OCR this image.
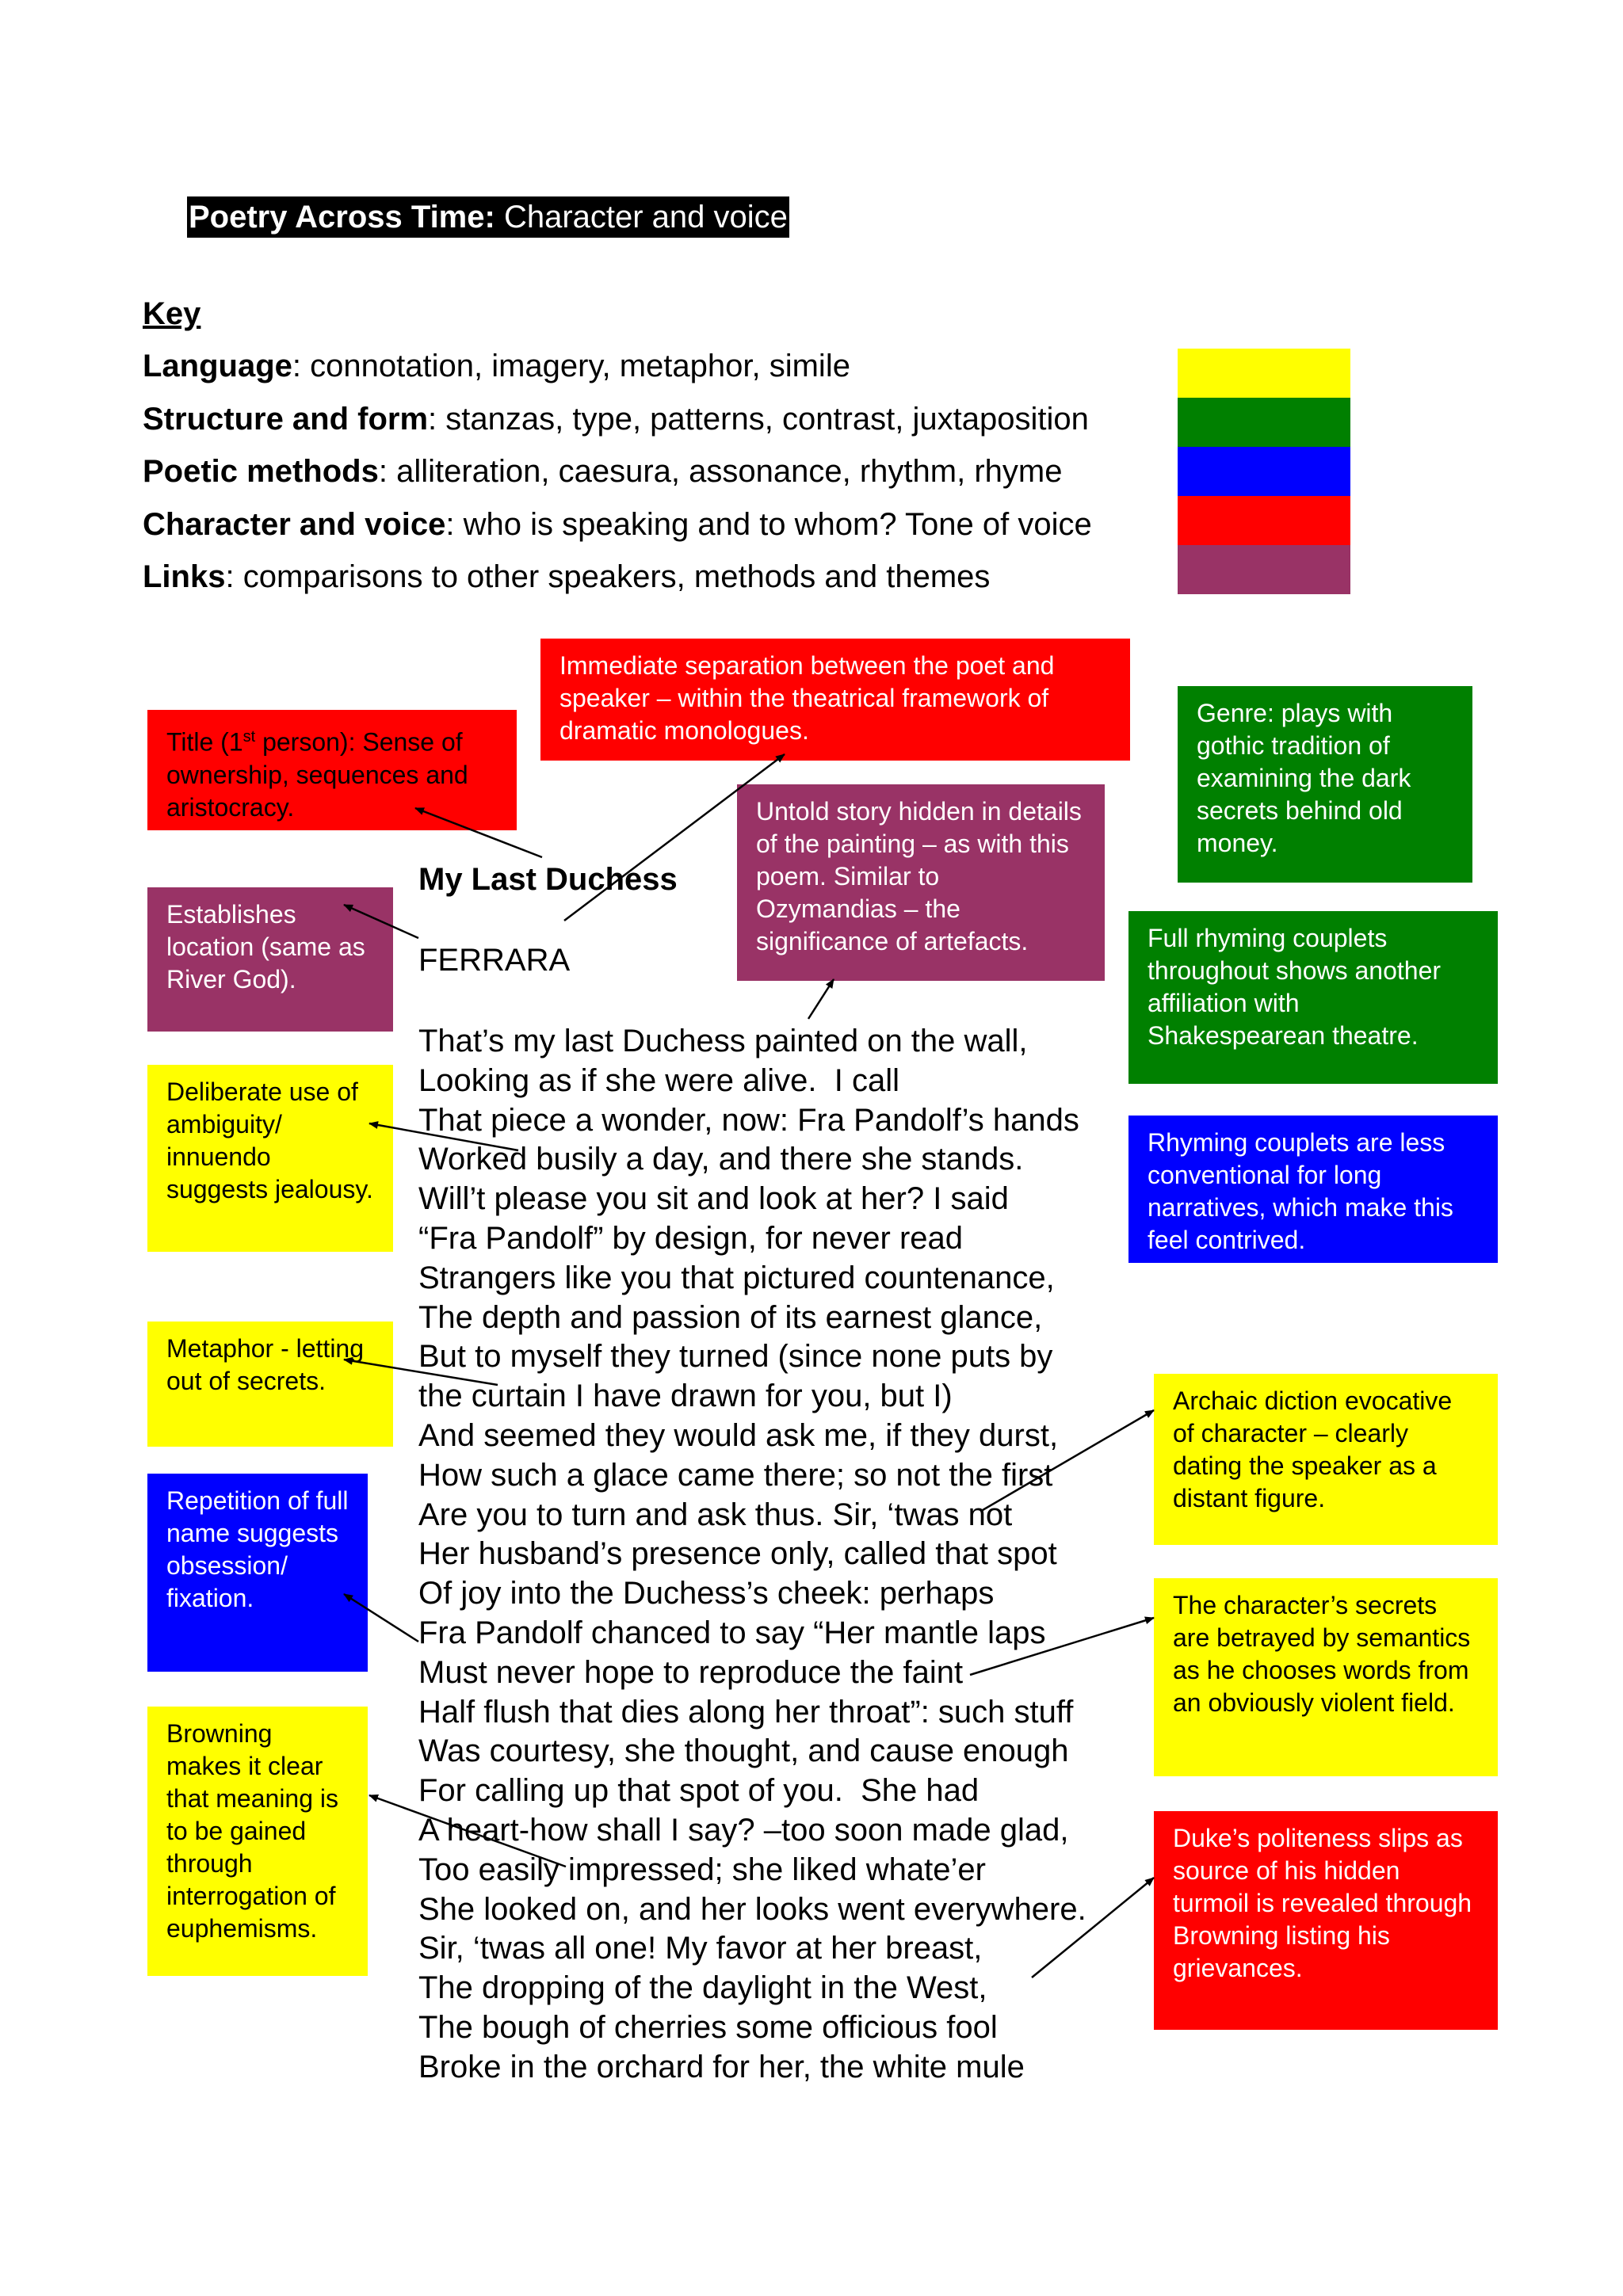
Poetry Across Time: Character and voice
Key
Language: connotation, imagery, metaphor, simile
Structure and form: stanzas, type, patterns, contrast, juxtaposition
Poetic methods: alliteration, caesura, assonance, rhythm, rhyme
Character and voice: who is speaking and to whom? Tone of voice
Links: comparisons to other speakers, methods and themes
Immediate separation between the poet and speaker – within the theatrical framework of dramatic monologues.
Title (1st person): Sense of ownership, sequences and aristocracy.	Untold story hidden in details of the painting – as with this poem. Similar to Ozymandias – the significance of artefacts.
Genre: plays with gothic tradition of examining the dark secrets behind old money.
Establishes location (same as River God).
Full rhyming couplets throughout shows another affiliation with Shakespearean theatre.
Deliberate use of ambiguity/ innuendo suggests jealousy.
Rhyming couplets are less conventional for long narratives, which make this feel contrived.
Metaphor - letting out of secrets.
Archaic diction evocative of character – clearly dating the speaker as a distant figure.
Repetition of full name suggests obsession/ fixation.	The character’s secrets are betrayed by semantics as he chooses words from an obviously violent field.
Browning makes it clear that meaning is to be gained through interrogation of euphemisms.
Duke’s politeness slips as source of his hidden turmoil is revealed through Browning listing his grievances.
My Last Duchess
FERRARA
That’s my last Duchess painted on the wall,
Looking as if she were alive.  I call
That piece a wonder, now: Fra Pandolf’s hands
Worked busily a day, and there she stands.
Will’t please you sit and look at her? I said
“Fra Pandolf” by design, for never read
Strangers like you that pictured countenance,
The depth and passion of its earnest glance,
But to myself they turned (since none puts by
the curtain I have drawn for you, but I)
And seemed they would ask me, if they durst,
How such a glace came there; so not the first
Are you to turn and ask thus. Sir, ‘twas not
Her husband’s presence only, called that spot
Of joy into the Duchess’s cheek: perhaps
Fra Pandolf chanced to say “Her mantle laps
Must never hope to reproduce the faint
Half flush that dies along her throat”: such stuff
Was courtesy, she thought, and cause enough
For calling up that spot of you.  She had
A heart-how shall I say? –too soon made glad,
Too easily impressed; she liked whate’er
She looked on, and her looks went everywhere.
Sir, ‘twas all one! My favor at her breast,
The dropping of the daylight in the West,
The bough of cherries some officious fool
Broke in the orchard for her, the white mule
